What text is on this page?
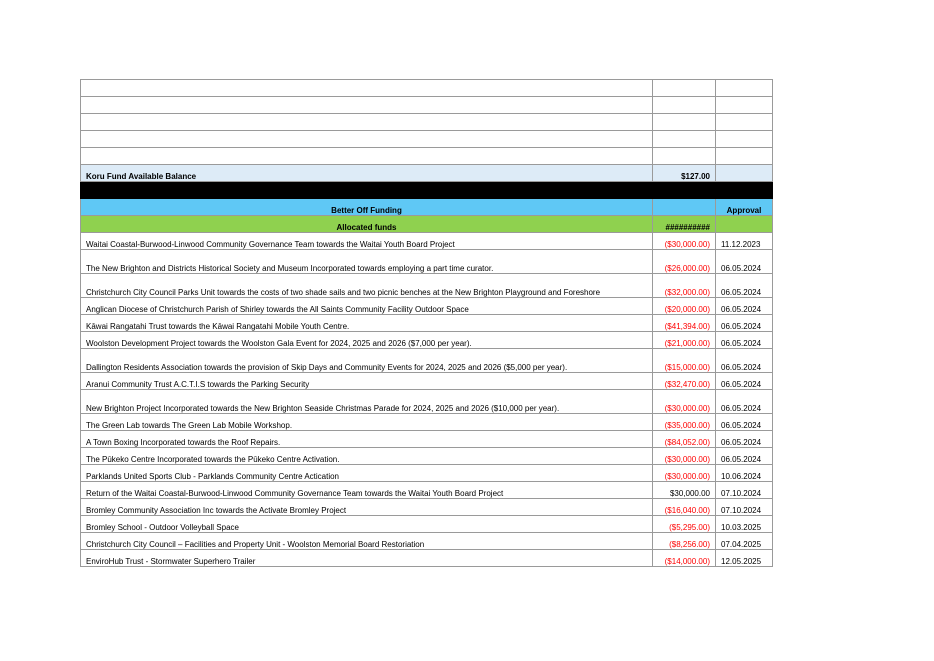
Koru Fund Available Balance	$127.00	

Better Off Funding		Approval
Allocated funds	##########	
Waitai Coastal-Burwood-Linwood Community Governance Team towards the Waitai Youth Board Project	($30,000.00)	11.12.2023
The New Brighton and Districts Historical Society and Museum Incorporated towards employing a part time curator.	($26,000.00)	06.05.2024
Christchurch City Council Parks Unit towards the costs of two shade sails and two picnic benches at the New Brighton Playground and Foreshore	($32,000.00)	06.05.2024
Anglican Diocese of Christchurch Parish of Shirley towards the All Saints Community Facility Outdoor Space	($20,000.00)	06.05.2024
Kāwai Rangatahi Trust towards the Kāwai Rangatahi Mobile Youth Centre.	($41,394.00)	06.05.2024
Woolston Development Project towards the Woolston Gala Event for 2024, 2025 and 2026 ($7,000 per year).	($21,000.00)	06.05.2024
Dallington Residents Association towards the provision of Skip Days and Community Events for 2024, 2025 and 2026 ($5,000 per year).	($15,000.00)	06.05.2024
Aranui Community Trust A.C.T.I.S towards the Parking Security	($32,470.00)	06.05.2024
New Brighton Project Incorporated towards the New Brighton Seaside Christmas Parade for 2024, 2025 and 2026 ($10,000 per year).	($30,000.00)	06.05.2024
The Green Lab towards The Green Lab Mobile Workshop.	($35,000.00)	06.05.2024
A Town Boxing Incorporated towards the Roof Repairs.	($84,052.00)	06.05.2024
The Pūkeko Centre Incorporated towards the Pūkeko Centre Activation.	($30,000.00)	06.05.2024
Parklands United Sports Club - Parklands Community Centre Actication	($30,000.00)	10.06.2024
Return of the Waitai Coastal-Burwood-Linwood Community Governance Team towards the Waitai Youth Board Project	$30,000.00	07.10.2024
Bromley Community Association Inc towards the Activate Bromley Project	($16,040.00)	07.10.2024
Bromley School - Outdoor Volleyball Space	($5,295.00)	10.03.2025
Christchurch City Council – Facilities and Property Unit - Woolston Memorial Board Restoriation	($8,256.00)	07.04.2025
EnviroHub Trust - Stormwater Superhero Trailer	($14,000.00)	12.05.2025
